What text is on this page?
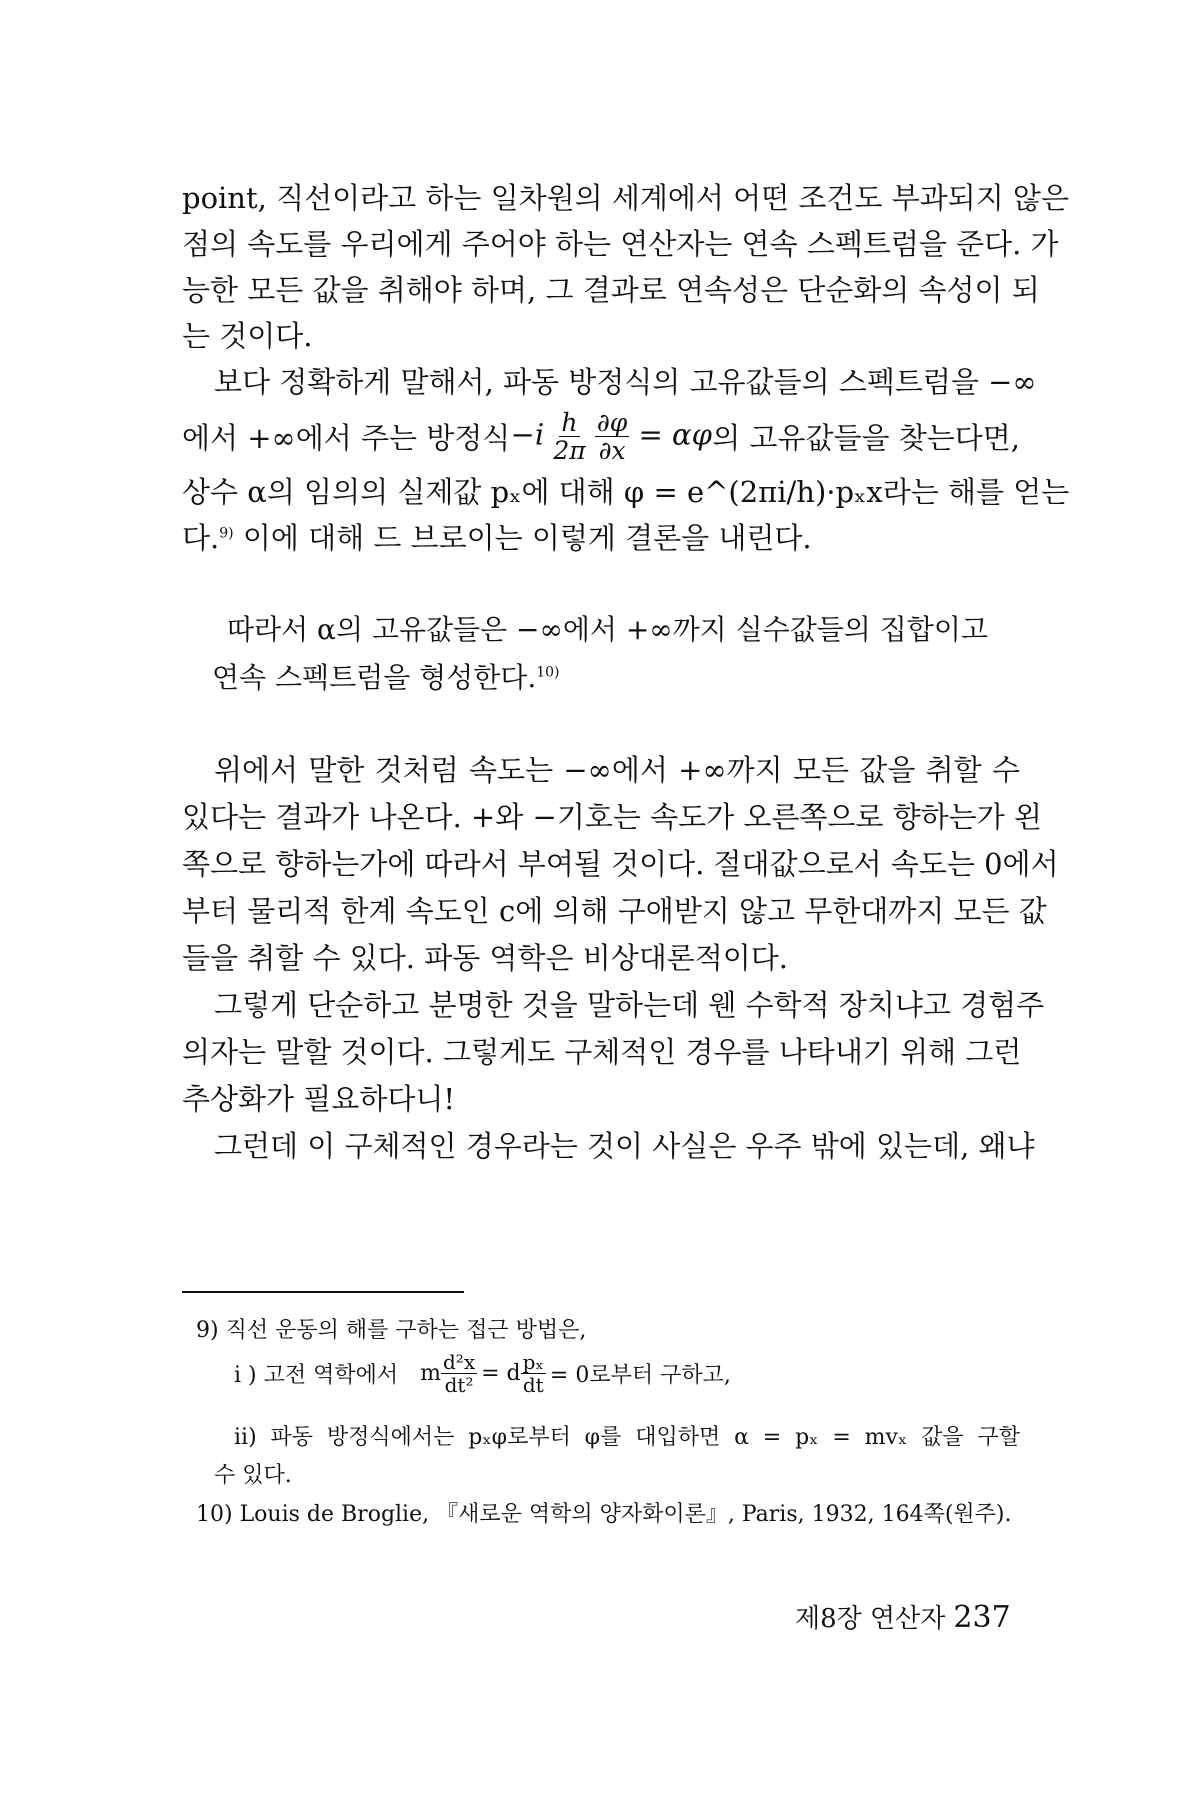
point, 직선이라고 하는 일차원의 세계에서 어떤 조건도 부과되지 않은
점의 속도를 우리에게 주어야 하는 연산자는 연속 스펙트럼을 준다. 가
능한 모든 값을 취해야 하며, 그 결과로 연속성은 단순화의 속성이 되
는 것이다.
보다 정확하게 말해서, 파동 방정식의 고유값들의 스펙트럼을 −∞
에서 +∞에서 주는 방정식 $-i \frac{h}{2\pi}$
$\frac{\partial\varphi}{\partial x} = \alpha\varphi$ 의 고유값들을 찾는다면,
상수 α의 임의의 실제값 pₓ에 대해 φ = e^(2πi/h)·pₓx라는 해를 얻는
다.$^{9)}$ 이에 대해 드 브로이는 이렇게 결론을 내린다.
따라서 α의 고유값들은 −∞에서 +∞까지 실수값들의 집합이고
연속 스펙트럼을 형성한다.$^{10)}$
위에서 말한 것처럼 속도는 −∞에서 +∞까지 모든 값을 취할 수
있다는 결과가 나온다. +와 −기호는 속도가 오른쪽으로 향하는가 왼
쪽으로 향하는가에 따라서 부여될 것이다. 절대값으로서 속도는 0에서
부터 물리적 한계 속도인 c에 의해 구애받지 않고 무한대까지 모든 값
들을 취할 수 있다. 파동 역학은 비상대론적이다.
그렇게 단순하고 분명한 것을 말하는데 웬 수학적 장치냐고 경험주
의자는 말할 것이다. 그렇게도 구체적인 경우를 나타내기 위해 그런
추상화가 필요하다니!
그런데 이 구체적인 경우라는 것이 사실은 우주 밖에 있는데, 왜냐
9) 직선 운동의 해를 구하는 접근 방법은,
i ) 고전 역학에서 m $\frac{\text{d²x}}{\text{dt²}} = d \frac{\text{pₓ}}{dt} = 0$로부터 구하고,
ii) 파동 방정식에서는 pₓφ로부터 φ를 대입하면 α = pₓ = mvₓ 값을 구할
수 있다.
10) Louis de Broglie, 『새로운 역학의 양자화이론』, Paris, 1932, 164쪽(원주).
제8장 연산자 237
